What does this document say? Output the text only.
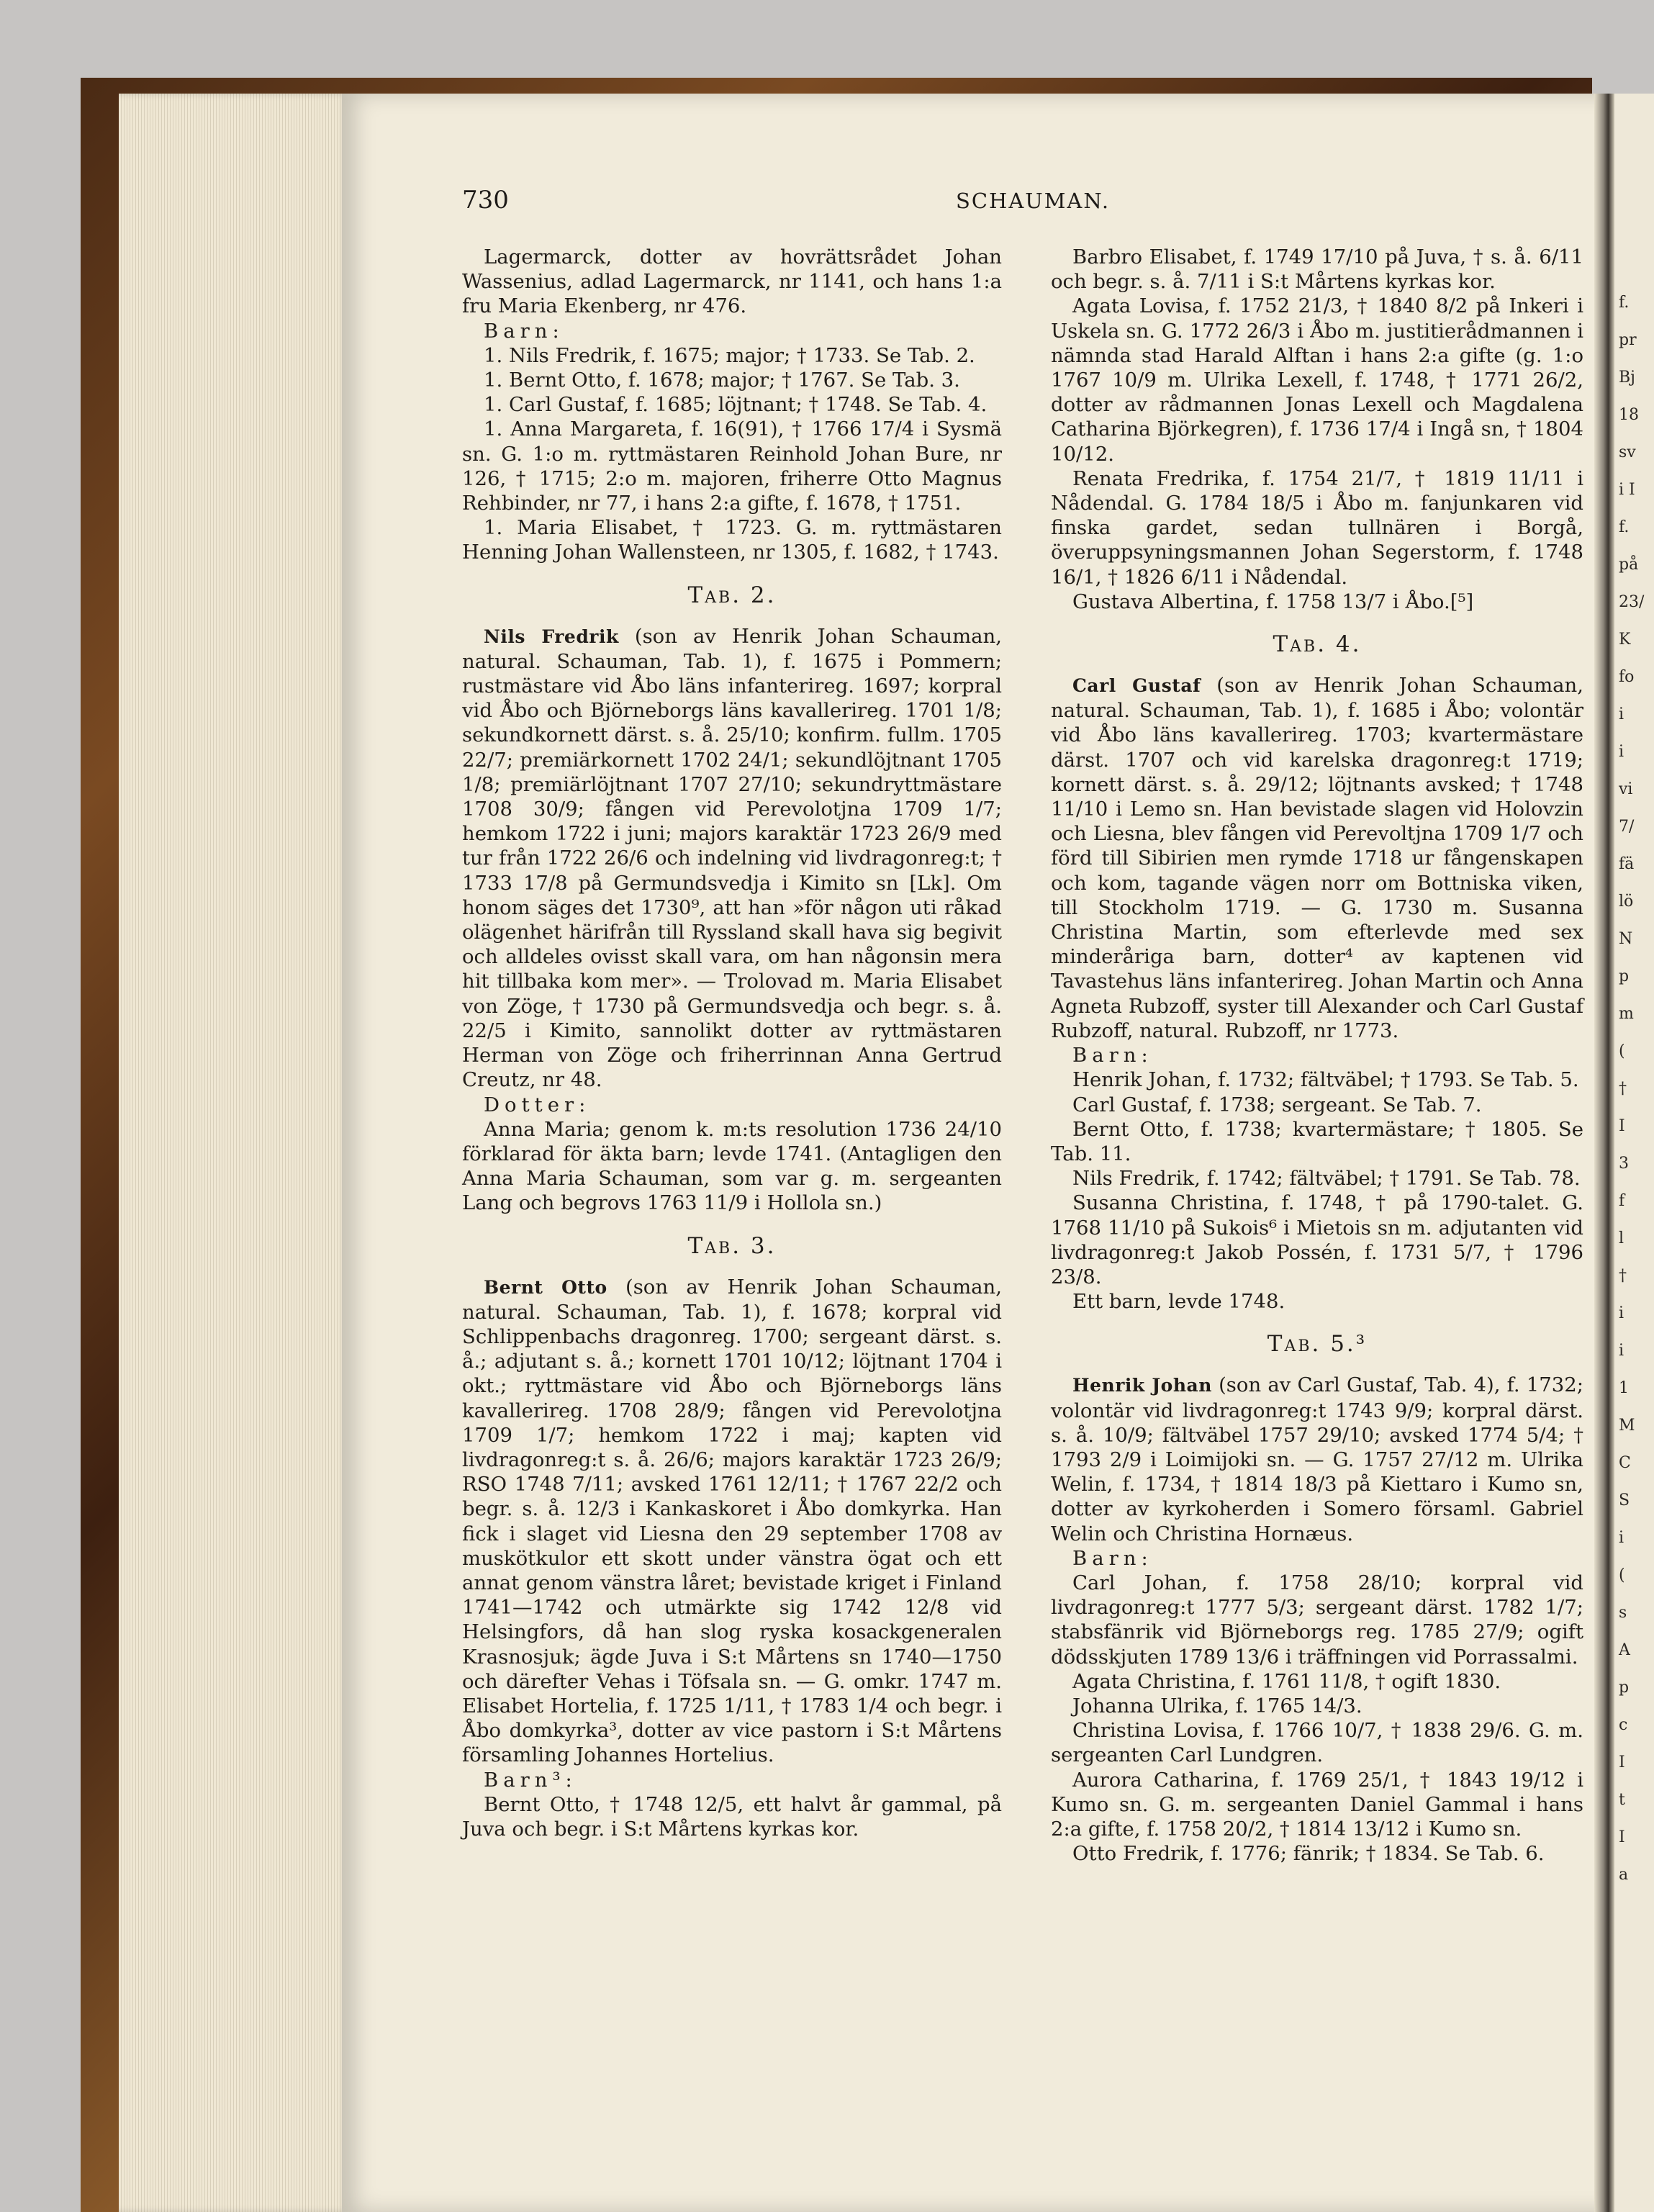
f.
pr
Bj
18
sv
i I
f.
på
23/
K
fo
i
i
vi
7/
fä
lö
N
p
m
(
†
I
3
f
l
†
i
i
1
M
C
S
i
(
s
A
p
c
I
t
I
a
730	SCHAUMAN.

Lagermarck, dotter av hovrättsrådet Johan Wassenius, adlad Lagermarck, nr 1141, och hans 1:a fru Maria Ekenberg, nr 476.

Barn:

1. Nils Fredrik, f. 1675; major; † 1733. Se Tab. 2.

1. Bernt Otto, f. 1678; major; † 1767. Se Tab. 3.

1. Carl Gustaf, f. 1685; löjtnant; † 1748. Se Tab. 4.

1. Anna Margareta, f. 16(91), † 1766 17/4 i Sysmä sn. G. 1:o m. ryttmästaren Reinhold Johan Bure, nr 126, † 1715; 2:o m. majoren, friherre Otto Magnus Rehbinder, nr 77, i hans 2:a gifte, f. 1678, † 1751.

1. Maria Elisabet, † 1723. G. m. ryttmästaren Henning Johan Wallensteen, nr 1305, f. 1682, † 1743.

Tab. 2.

Nils Fredrik (son av Henrik Johan Schauman, natural. Schauman, Tab. 1), f. 1675 i Pommern; rustmästare vid Åbo läns infanterireg. 1697; korpral vid Åbo och Björneborgs läns kavallerireg. 1701 1/8; sekundkornett därst. s. å. 25/10; konfirm. fullm. 1705 22/7; premiärkornett 1702 24/1; sekundlöjtnant 1705 1/8; premiärlöjtnant 1707 27/10; sekundryttmästare 1708 30/9; fången vid Perevolotjna 1709 1/7; hemkom 1722 i juni; majors karaktär 1723 26/9 med tur från 1722 26/6 och indelning vid livdragonreg:t; † 1733 17/8 på Germundsvedja i Kimito sn [Lk]. Om honom säges det 1730⁹, att han »för någon uti råkad olägenhet härifrån till Ryssland skall hava sig begivit och alldeles ovisst skall vara, om han någonsin mera hit tillbaka kom mer». — Trolovad m. Maria Elisabet von Zöge, † 1730 på Germundsvedja och begr. s. å. 22/5 i Kimito, sannolikt dotter av ryttmästaren Herman von Zöge och friherrinnan Anna Gertrud Creutz, nr 48.

Dotter:

Anna Maria; genom k. m:ts resolution 1736 24/10 förklarad för äkta barn; levde 1741. (Antagligen den Anna Maria Schauman, som var g. m. sergeanten Lang och begrovs 1763 11/9 i Hollola sn.)

Tab. 3.

Bernt Otto (son av Henrik Johan Schauman, natural. Schauman, Tab. 1), f. 1678; korpral vid Schlippenbachs dragonreg. 1700; sergeant därst. s. å.; adjutant s. å.; kornett 1701 10/12; löjtnant 1704 i okt.; ryttmästare vid Åbo och Björneborgs läns kavallerireg. 1708 28/9; fången vid Perevolotjna 1709 1/7; hemkom 1722 i maj; kapten vid livdragonreg:t s. å. 26/6; majors karaktär 1723 26/9; RSO 1748 7/11; avsked 1761 12/11; † 1767 22/2 och begr. s. å. 12/3 i Kankaskoret i Åbo domkyrka. Han fick i slaget vid Liesna den 29 september 1708 av muskötkulor ett skott under vänstra ögat och ett annat genom vänstra låret; bevistade kriget i Finland 1741—1742 och utmärkte sig 1742 12/8 vid Helsingfors, då han slog ryska kosackgeneralen Krasnosjuk; ägde Juva i S:t Mårtens sn 1740—1750 och därefter Vehas i Töfsala sn. — G. omkr. 1747 m. Elisabet Hortelia, f. 1725 1/11, † 1783 1/4 och begr. i Åbo domkyrka³, dotter av vice pastorn i S:t Mårtens församling Johannes Hortelius.

Barn³:

Bernt Otto, † 1748 12/5, ett halvt år gammal, på Juva och begr. i S:t Mårtens kyrkas kor.

Barbro Elisabet, f. 1749 17/10 på Juva, † s. å. 6/11 och begr. s. å. 7/11 i S:t Mårtens kyrkas kor.

Agata Lovisa, f. 1752 21/3, † 1840 8/2 på Inkeri i Uskela sn. G. 1772 26/3 i Åbo m. justitierådmannen i nämnda stad Harald Alftan i hans 2:a gifte (g. 1:o 1767 10/9 m. Ulrika Lexell, f. 1748, † 1771 26/2, dotter av rådmannen Jonas Lexell och Magdalena Catharina Björkegren), f. 1736 17/4 i Ingå sn, † 1804 10/12.

Renata Fredrika, f. 1754 21/7, † 1819 11/11 i Nådendal. G. 1784 18/5 i Åbo m. fanjunkaren vid finska gardet, sedan tullnären i Borgå, överuppsyningsmannen Johan Segerstorm, f. 1748 16/1, † 1826 6/11 i Nådendal.

Gustava Albertina, f. 1758 13/7 i Åbo.[⁵]

Tab. 4.

Carl Gustaf (son av Henrik Johan Schauman, natural. Schauman, Tab. 1), f. 1685 i Åbo; volontär vid Åbo läns kavallerireg. 1703; kvartermästare därst. 1707 och vid karelska dragonreg:t 1719; kornett därst. s. å. 29/12; löjtnants avsked; † 1748 11/10 i Lemo sn. Han bevistade slagen vid Holovzin och Liesna, blev fången vid Perevoltjna 1709 1/7 och förd till Sibirien men rymde 1718 ur fångenskapen och kom, tagande vägen norr om Bottniska viken, till Stockholm 1719. — G. 1730 m. Susanna Christina Martin, som efterlevde med sex minderåriga barn, dotter⁴ av kaptenen vid Tavastehus läns infanterireg. Johan Martin och Anna Agneta Rubzoff, syster till Alexander och Carl Gustaf Rubzoff, natural. Rubzoff, nr 1773.

Barn:

Henrik Johan, f. 1732; fältväbel; † 1793. Se Tab. 5.

Carl Gustaf, f. 1738; sergeant. Se Tab. 7.

Bernt Otto, f. 1738; kvartermästare; † 1805. Se Tab. 11.

Nils Fredrik, f. 1742; fältväbel; † 1791. Se Tab. 78.

Susanna Christina, f. 1748, † på 1790-talet. G. 1768 11/10 på Sukois⁶ i Mietois sn m. adjutanten vid livdragonreg:t Jakob Possén, f. 1731 5/7, † 1796 23/8.

Ett barn, levde 1748.

Tab. 5.³

Henrik Johan (son av Carl Gustaf, Tab. 4), f. 1732; volontär vid livdragonreg:t 1743 9/9; korpral därst. s. å. 10/9; fältväbel 1757 29/10; avsked 1774 5/4; † 1793 2/9 i Loimijoki sn. — G. 1757 27/12 m. Ulrika Welin, f. 1734, † 1814 18/3 på Kiettaro i Kumo sn, dotter av kyrkoherden i Somero församl. Gabriel Welin och Christina Hornæus.

Barn:

Carl Johan, f. 1758 28/10; korpral vid livdragonreg:t 1777 5/3; sergeant därst. 1782 1/7; stabsfänrik vid Björneborgs reg. 1785 27/9; ogift dödsskjuten 1789 13/6 i träffningen vid Porrassalmi.

Agata Christina, f. 1761 11/8, † ogift 1830.

Johanna Ulrika, f. 1765 14/3.

Christina Lovisa, f. 1766 10/7, † 1838 29/6. G. m. sergeanten Carl Lundgren.

Aurora Catharina, f. 1769 25/1, † 1843 19/12 i Kumo sn. G. m. sergeanten Daniel Gammal i hans 2:a gifte, f. 1758 20/2, † 1814 13/12 i Kumo sn.

Otto Fredrik, f. 1776; fänrik; † 1834. Se Tab. 6.
